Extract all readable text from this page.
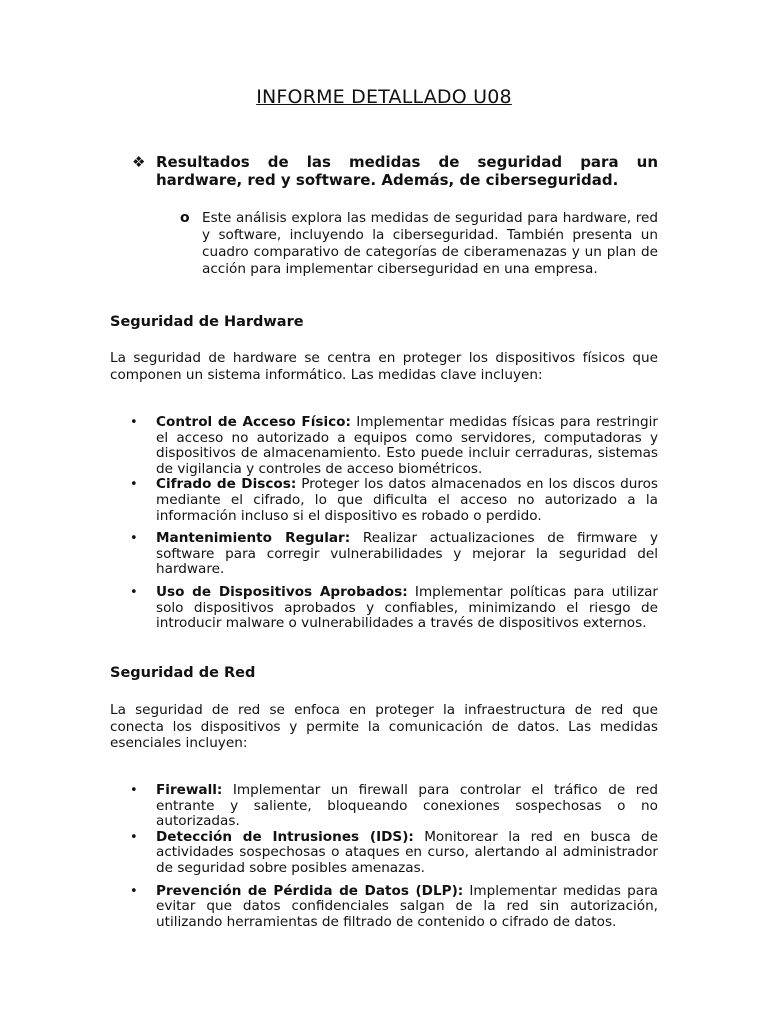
INFORME DETALLADO U08
❖ Resultados de las medidas de seguridad para un hardware, red y software. Además, de ciberseguridad.
o Este análisis explora las medidas de seguridad para hardware, red y software, incluyendo la ciberseguridad. También presenta un cuadro comparativo de categorías de ciberamenazas y un plan de acción para implementar ciberseguridad en una empresa.
Seguridad de Hardware

La seguridad de hardware se centra en proteger los dispositivos físicos que componen un sistema informático. Las medidas clave incluyen:

• Control de Acceso Físico: Implementar medidas físicas para restringir el acceso no autorizado a equipos como servidores, computadoras y dispositivos de almacenamiento. Esto puede incluir cerraduras, sistemas de vigilancia y controles de acceso biométricos.
• Cifrado de Discos: Proteger los datos almacenados en los discos duros mediante el cifrado, lo que dificulta el acceso no autorizado a la información incluso si el dispositivo es robado o perdido.
• Mantenimiento Regular: Realizar actualizaciones de firmware y software para corregir vulnerabilidades y mejorar la seguridad del hardware.
• Uso de Dispositivos Aprobados: Implementar políticas para utilizar solo dispositivos aprobados y confiables, minimizando el riesgo de introducir malware o vulnerabilidades a través de dispositivos externos.
Seguridad de Red

La seguridad de red se enfoca en proteger la infraestructura de red que conecta los dispositivos y permite la comunicación de datos. Las medidas esenciales incluyen:

• Firewall: Implementar un firewall para controlar el tráfico de red entrante y saliente, bloqueando conexiones sospechosas o no autorizadas.
• Detección de Intrusiones (IDS): Monitorear la red en busca de actividades sospechosas o ataques en curso, alertando al administrador de seguridad sobre posibles amenazas.
• Prevención de Pérdida de Datos (DLP): Implementar medidas para evitar que datos confidenciales salgan de la red sin autorización, utilizando herramientas de filtrado de contenido o cifrado de datos.
